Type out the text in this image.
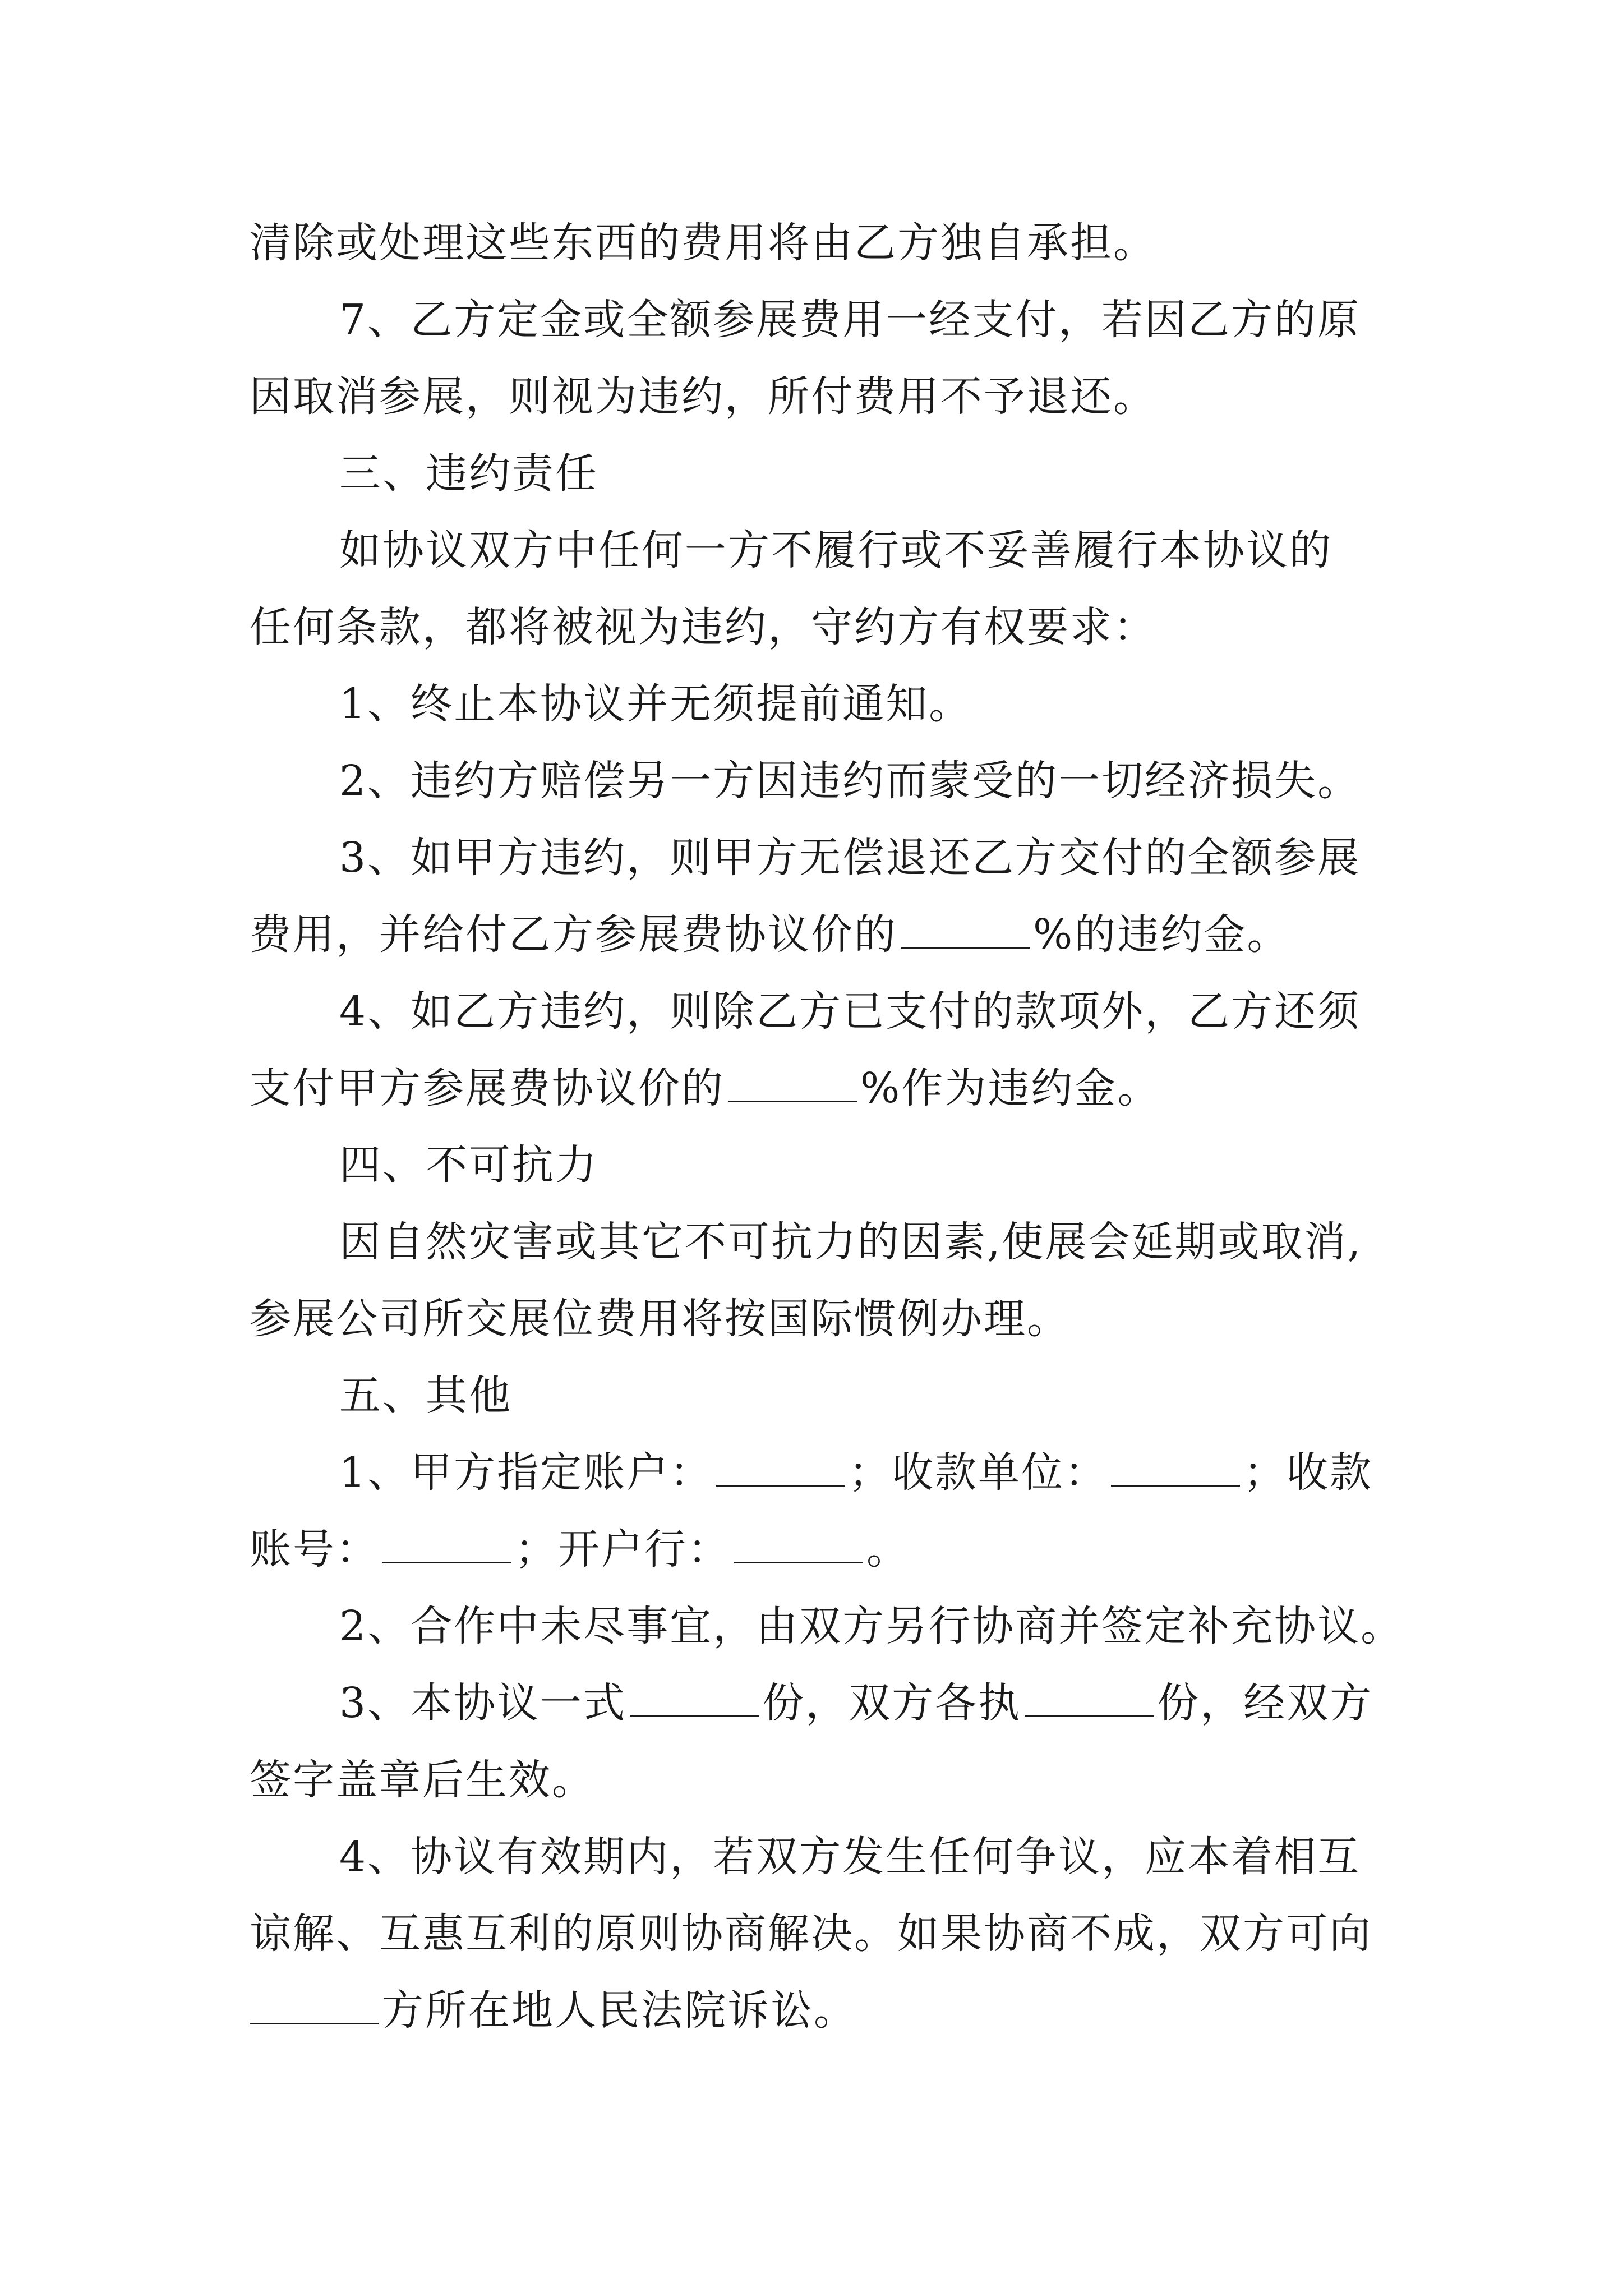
清除或处理这些东西的费用将由乙方独自承担。
7、乙方定金或全额参展费用一经支付，若因乙方的原
因取消参展，则视为违约，所付费用不予退还。
三、违约责任
如协议双方中任何一方不履行或不妥善履行本协议的
任何条款，都将被视为违约，守约方有权要求：
1、终止本协议并无须提前通知。
2、违约方赔偿另一方因违约而蒙受的一切经济损失。
3、如甲方违约，则甲方无偿退还乙方交付的全额参展
费用，并给付乙方参展费协议价的	%的违约金。
4、如乙方违约，则除乙方已支付的款项外，乙方还须
支付甲方参展费协议价的	%作为违约金。
四、不可抗力
因自然灾害或其它不可抗力的因素,使展会延期或取消,
参展公司所交展位费用将按国际惯例办理。
五、其他
1、甲方指定账户：	；收款单位：	；收款
账号：	；开户行：	。
2、合作中未尽事宜，由双方另行协商并签定补充协议。
3、本协议一式	份，双方各执	份，经双方
签字盖章后生效。
4、协议有效期内，若双方发生任何争议，应本着相互
谅解、互惠互利的原则协商解决。如果协商不成，双方可向
方所在地人民法院诉讼。
